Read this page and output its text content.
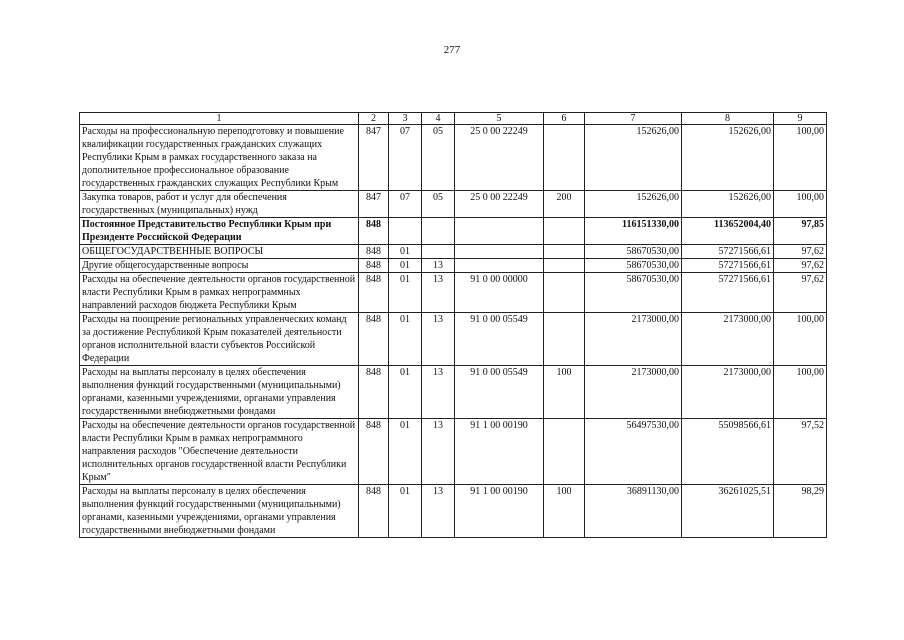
277
1	2	3	4	5	6	7	8	9
Расходы на профессиональную переподготовку и повышение квалификации государственных гражданских служащих Республики Крым в рамках государственного заказа на дополнительное профессиональное образование государственных гражданских служащих Республики Крым	847	07	05	25 0 00 22249		152626,00	152626,00	100,00
Закупка товаров, работ и услуг для обеспечения государственных (муниципальных) нужд	847	07	05	25 0 00 22249	200	152626,00	152626,00	100,00
Постоянное Представительство Республики Крым при Президенте Российской Федерации	848					116151330,00	113652004,40	97,85
ОБЩЕГОСУДАРСТВЕННЫЕ ВОПРОСЫ	848	01				58670530,00	57271566,61	97,62
Другие общегосударственные вопросы	848	01	13			58670530,00	57271566,61	97,62
Расходы на обеспечение деятельности органов государственной власти Республики Крым в рамках непрограммных направлений расходов бюджета Республики Крым	848	01	13	91 0 00 00000		58670530,00	57271566,61	97,62
Расходы на поощрение региональных управленческих команд за достижение Республикой Крым показателей деятельности органов исполнительной власти субъектов Российской Федерации	848	01	13	91 0 00 05549		2173000,00	2173000,00	100,00
Расходы на выплаты персоналу в целях обеспечения выполнения функций государственными (муниципальными) органами, казенными учреждениями, органами управления государственными внебюджетными фондами	848	01	13	91 0 00 05549	100	2173000,00	2173000,00	100,00
Расходы на обеспечение деятельности органов государственной власти Республики Крым в рамках непрограммного направления расходов "Обеспечение деятельности исполнительных органов государственной власти Республики Крым"	848	01	13	91 1 00 00190		56497530,00	55098566,61	97,52
Расходы на выплаты персоналу в целях обеспечения выполнения функций государственными (муниципальными) органами, казенными учреждениями, органами управления государственными внебюджетными фондами	848	01	13	91 1 00 00190	100	36891130,00	36261025,51	98,29
